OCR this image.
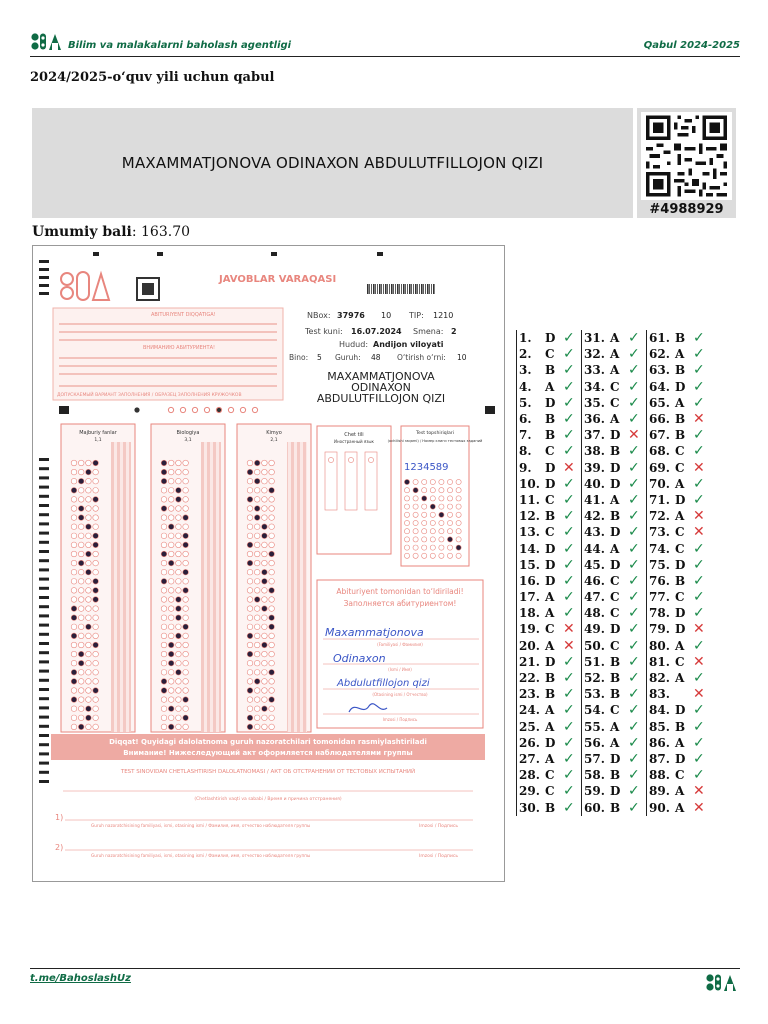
Bilim va malakalarni baholash agentligi	Qabul 2024-2025
2024/2025-o‘quv yili uchun qabul
MAXAMMATJONOVA ODINAXON ABDULUTFILLOJON QIZI
#4988929
Umumiy bali: 163.70
JAVOBLAR VARAQASI
ABITURIYENT DIQQATIGA!
ВНИМАНИЮ АБИТУРИЕНТА!
ДОПУСКАЕМЫЙ ВАРИАНТ ЗАПОЛНЕНИЯ / ОБРАЗЕЦ ЗАПОЛНЕНИЯ КРУЖОЧКОВ
NBox: 37976 10 TIP: 1210
Test kuni: 16.07.2024 Smena: 2
Hudud: Andijon viloyati
Bino: 5 Guruh: 48 O‘tirish o‘rni: 10
MAXAMMATJONOVA
ODINAXON
ABDULUTFILLOJON QIZI
Majburiy fanlar
1,1
Biologiya
3,1
Kimyo
2,1
Chet tili
Иностранный язык
Test topshiriqlari
(ochilishi raqami) / Номер книги тестовых заданий
1234589
Abituriyent tomonidan to‘ldiriladi!
Заполняется абитуриентом!
Maxammatjonova
(Familiyasi / Фамилия)
Odinaxon
(Ismi / Имя)
Abdulutfillojon qizi
(Otasining ismi / Отчество)
Imzosi / Подпись
Diqqat! Quyidagi dalolatnoma guruh nazoratchilari tomonidan rasmiylashtiriladi
Внимание! Нижеследующий акт оформляется наблюдателями группы
TEST SINOVIDAN CHETLASHTIRISH DALOLATNOMASI / АКТ ОБ ОТСТРАНЕНИИ ОТ ТЕСТОВЫХ ИСПЫТАНИЙ
(Chetlashtirish vaqti va sababi / Время и причина отстранения)
1)
Guruh nazoratchisining familiyasi, ismi, otasining ismi / Фамилия, имя, отчество наблюдателя группы	Imzosi / Подпись
2)
Guruh nazoratchisining familiyasi, ismi, otasining ismi / Фамилия, имя, отчество наблюдателя группы	Imzosi / Подпись
1.	D ✓
2.	C ✓
3.	B ✓
4.	A ✓
5.	D ✓
6.	B ✓
7.	B ✓
8.	C ✓
9.	D ✕
10. D ✓
11. C ✓
12. B ✓
13. C ✓
14. D ✓
15. D ✓
16. D ✓
17. A ✓
18. A ✓
19. C ✕
20. A ✕
21. D ✓
22. B ✓
23. B ✓
24. A ✓
25. A ✓
26. D ✓
27. A ✓
28. C ✓
29. C ✓
30. B ✓
31. A ✓
32. A ✓
33. A ✓
34. C ✓
35. C ✓
36. A ✓
37. D ✕
38. B ✓
39. D ✓
40. D ✓
41. A ✓
42. B ✓
43. D ✓
44. A ✓
45. D ✓
46. C ✓
47. C ✓
48. C ✓
49. D ✓
50. C ✓
51. B ✓
52. B ✓
53. B ✓
54. C ✓
55. A ✓
56. A ✓
57. D ✓
58. B ✓
59. D ✓
60. B ✓
61. B ✓
62. A ✓
63. B ✓
64. D ✓
65. A ✓
66. B ✕
67. B ✓
68. C ✓
69. C ✕
70. A ✓
71. D ✓
72. A ✕
73. C ✕
74. C ✓
75. D ✓
76. B ✓
77. C ✓
78. D ✓
79. D ✕
80. A ✓
81. C ✕
82. A ✓
83.	✕
84. D ✓
85. B ✓
86. A ✓
87. D ✓
88. C ✓
89. A ✕
90. A ✕
t.me/BahoslashUz
